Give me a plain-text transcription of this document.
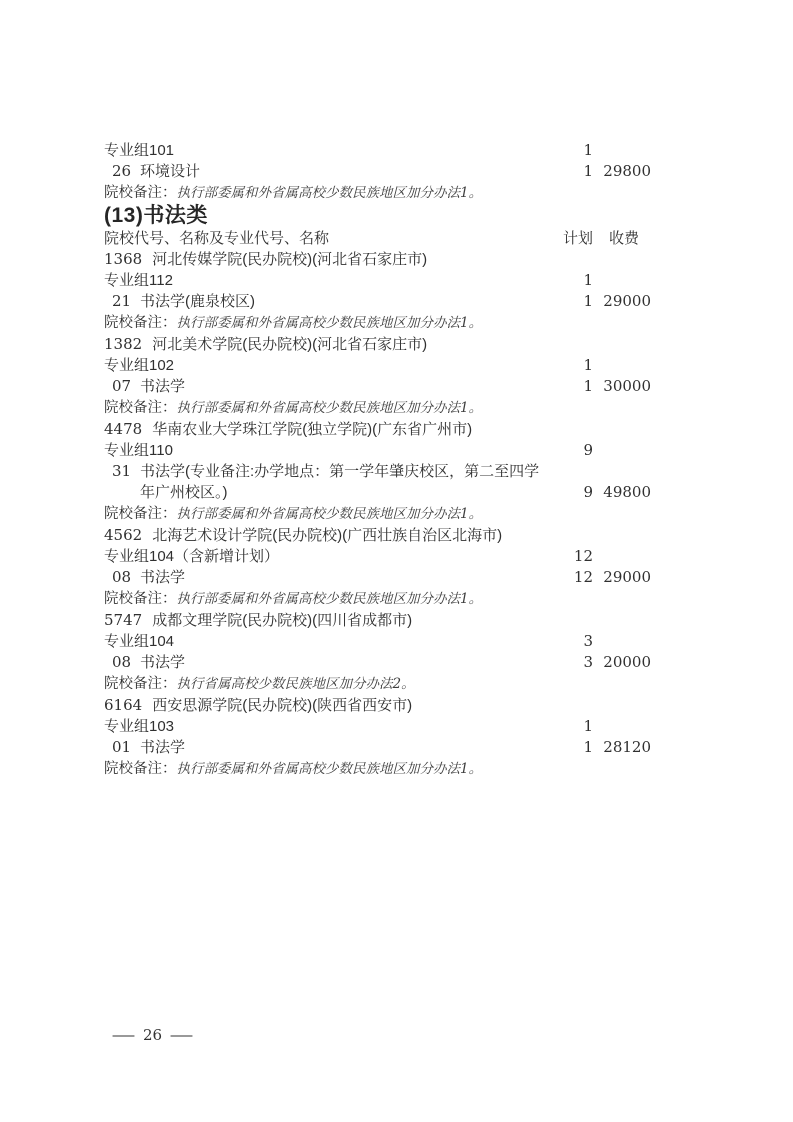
专业组101	1
26 环境设计	1 29800
院校备注：执行部委属和外省属高校少数民族地区加分办法1。
(13)书法类
院校代号、名称及专业代号、名称	计划	收费
1368 河北传媒学院(民办院校)(河北省石家庄市)
专业组112	1
21 书法学(鹿泉校区)	1 29000
院校备注：执行部委属和外省属高校少数民族地区加分办法1。
1382 河北美术学院(民办院校)(河北省石家庄市)
专业组102	1
07 书法学	1 30000
院校备注：执行部委属和外省属高校少数民族地区加分办法1。
4478 华南农业大学珠江学院(独立学院)(广东省广州市)
专业组110	9
31 书法学(专业备注:办学地点：第一学年肇庆校区，第二至四学年广州校区。)	9 49800
院校备注：执行部委属和外省属高校少数民族地区加分办法1。
4562 北海艺术设计学院(民办院校)(广西壮族自治区北海市)
专业组104（含新增计划）	12
08 书法学	12 29000
院校备注：执行部委属和外省属高校少数民族地区加分办法1。
5747 成都文理学院(民办院校)(四川省成都市)
专业组104	3
08 书法学	3 20000
院校备注：执行省属高校少数民族地区加分办法2。
6164 西安思源学院(民办院校)(陕西省西安市)
专业组103	1
01 书法学	1 28120
院校备注：执行部委属和外省属高校少数民族地区加分办法1。
— 26 —
